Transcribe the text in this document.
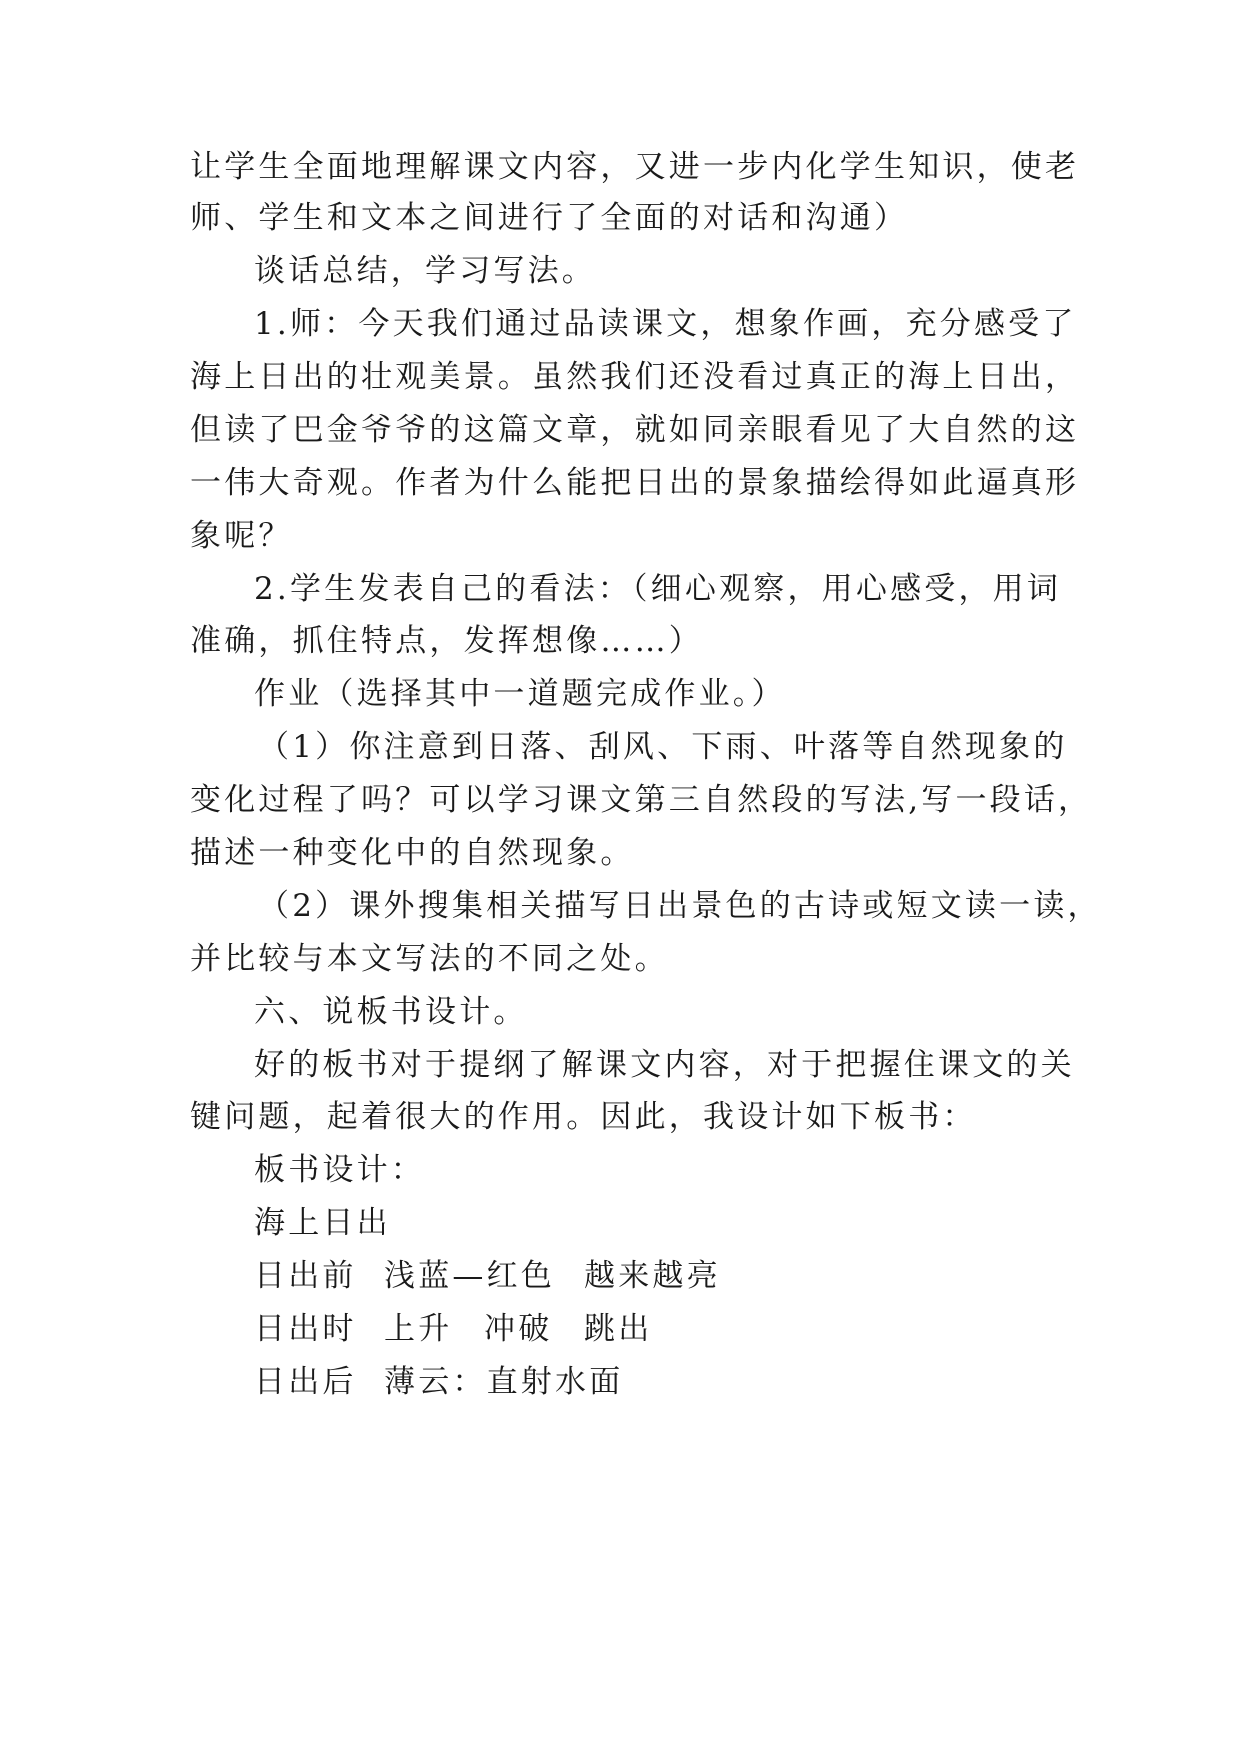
让学生全面地理解课文内容，又进一步内化学生知识，使老
师、学生和文本之间进行了全面的对话和沟通）
谈话总结，学习写法。
1.师：今天我们通过品读课文，想象作画，充分感受了
海上日出的壮观美景。虽然我们还没看过真正的海上日出，
但读了巴金爷爷的这篇文章，就如同亲眼看见了大自然的这
一伟大奇观。作者为什么能把日出的景象描绘得如此逼真形
象呢？
2.学生发表自己的看法：（细心观察，用心感受，用词
准确，抓住特点，发挥想像……）
作业（选择其中一道题完成作业。）
（1）你注意到日落、刮风、下雨、叶落等自然现象的
变化过程了吗？可以学习课文第三自然段的写法,写一段话，
描述一种变化中的自然现象。
（2）课外搜集相关描写日出景色的古诗或短文读一读，
并比较与本文写法的不同之处。
六、说板书设计。
好的板书对于提纲了解课文内容，对于把握住课文的关
键问题，起着很大的作用。因此，我设计如下板书：
板书设计：
海上日出
日出前 浅蓝—红色 越来越亮
日出时 上升 冲破 跳出
日出后 薄云：直射水面
